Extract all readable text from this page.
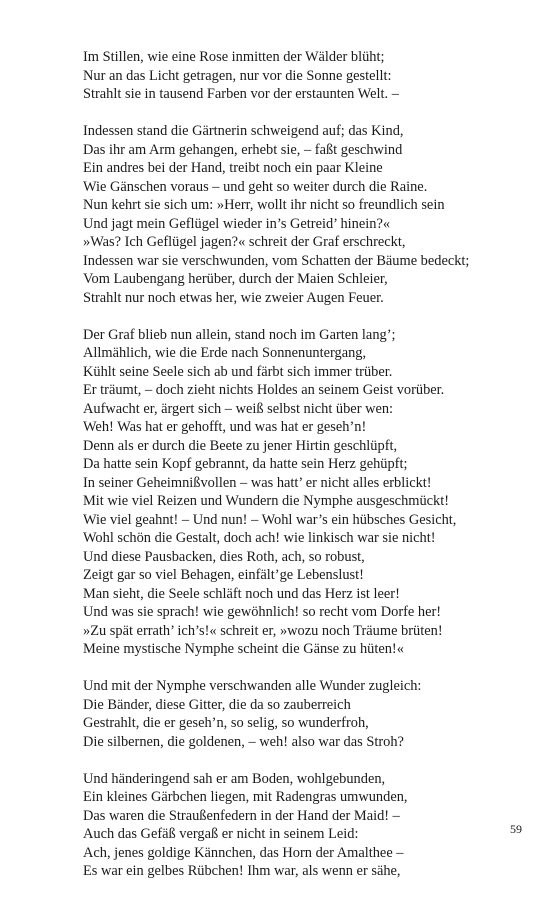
Im Stillen, wie eine Rose inmitten der Wälder blüht;
Nur an das Licht getragen, nur vor die Sonne gestellt:
Strahlt sie in tausend Farben vor der erstaunten Welt. –
Indessen stand die Gärtnerin schweigend auf; das Kind,
Das ihr am Arm gehangen, erhebt sie, – faßt geschwind
Ein andres bei der Hand, treibt noch ein paar Kleine
Wie Gänschen voraus – und geht so weiter durch die Raine.
Nun kehrt sie sich um: »Herr, wollt ihr nicht so freundlich sein
Und jagt mein Geflügel wieder in’s Getreid’ hinein?«
»Was? Ich Geflügel jagen?« schreit der Graf erschreckt,
Indessen war sie verschwunden, vom Schatten der Bäume bedeckt;
Vom Laubengang herüber, durch der Maien Schleier,
Strahlt nur noch etwas her, wie zweier Augen Feuer.
Der Graf blieb nun allein, stand noch im Garten lang’;
Allmählich, wie die Erde nach Sonnenuntergang,
Kühlt seine Seele sich ab und färbt sich immer trüber.
Er träumt, – doch zieht nichts Holdes an seinem Geist vorüber.
Aufwacht er, ärgert sich – weiß selbst nicht über wen:
Weh! Was hat er gehofft, und was hat er geseh’n!
Denn als er durch die Beete zu jener Hirtin geschlüpft,
Da hatte sein Kopf gebrannt, da hatte sein Herz gehüpft;
In seiner Geheimnißvollen – was hatt’ er nicht alles erblickt!
Mit wie viel Reizen und Wundern die Nymphe ausgeschmückt!
Wie viel geahnt! – Und nun! – Wohl war’s ein hübsches Gesicht,
Wohl schön die Gestalt, doch ach! wie linkisch war sie nicht!
Und diese Pausbacken, dies Roth, ach, so robust,
Zeigt gar so viel Behagen, einfält’ge Lebenslust!
Man sieht, die Seele schläft noch und das Herz ist leer!
Und was sie sprach! wie gewöhnlich! so recht vom Dorfe her!
»Zu spät errath’ ich’s!« schreit er, »wozu noch Träume brüten!
Meine mystische Nymphe scheint die Gänse zu hüten!«
Und mit der Nymphe verschwanden alle Wunder zugleich:
Die Bänder, diese Gitter, die da so zauberreich
Gestrahlt, die er geseh’n, so selig, so wunderfroh,
Die silbernen, die goldenen, – weh! also war das Stroh?
Und händeringend sah er am Boden, wohlgebunden,
Ein kleines Gärbchen liegen, mit Radengras umwunden,
Das waren die Straußenfedern in der Hand der Maid! –
Auch das Gefäß vergaß er nicht in seinem Leid:
Ach, jenes goldige Kännchen, das Horn der Amalthee –
Es war ein gelbes Rübchen! Ihm war, als wenn er sähe,
59
